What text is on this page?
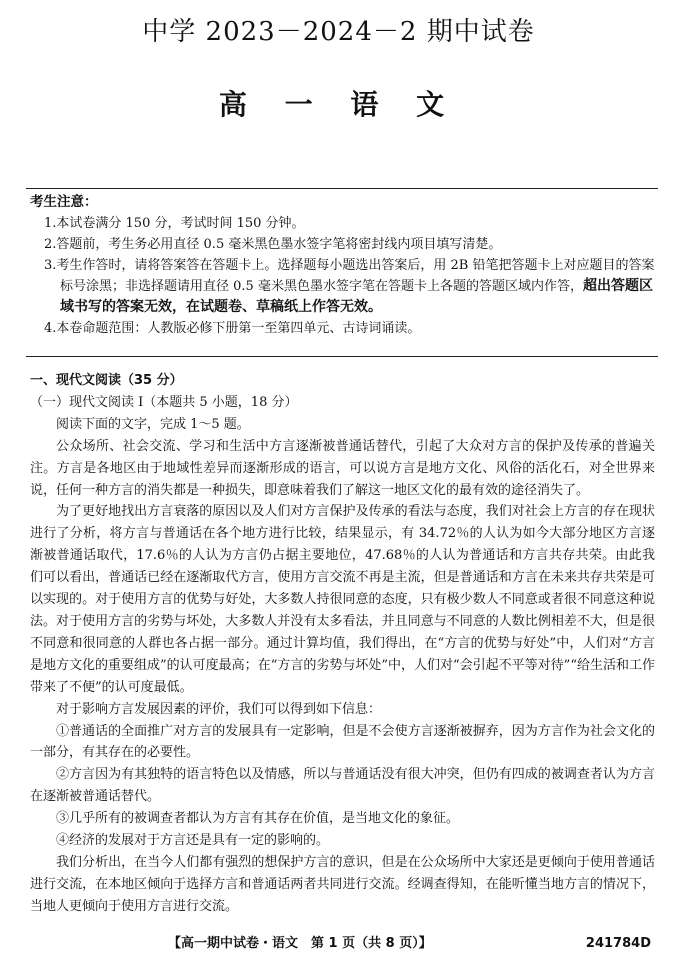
中学 2023－2024－2 期中试卷
高 一 语 文
考生注意：
1.本试卷满分 150 分，考试时间 150 分钟。
2.答题前，考生务必用直径 0.5 毫米黑色墨水签字笔将密封线内项目填写清楚。
3.考生作答时，请将答案答在答题卡上。选择题每小题选出答案后，用 2B 铅笔把答题卡上对应题目的答案标号涂黑；非选择题请用直径 0.5 毫米黑色墨水签字笔在答题卡上各题的答题区域内作答，超出答题区域书写的答案无效，在试题卷、草稿纸上作答无效。
4.本卷命题范围：人教版必修下册第一至第四单元、古诗词诵读。
一、现代文阅读（35 分）
（一）现代文阅读 Ⅰ（本题共 5 小题，18 分）
阅读下面的文字，完成 1～5 题。

公众场所、社会交流、学习和生活中方言逐渐被普通话替代，引起了大众对方言的保护及传承的普遍关注。方言是各地区由于地域性差异而逐渐形成的语言，可以说方言是地方文化、风俗的活化石，对全世界来说，任何一种方言的消失都是一种损失，即意味着我们了解这一地区文化的最有效的途径消失了。

为了更好地找出方言衰落的原因以及人们对方言保护及传承的看法与态度，我们对社会上方言的存在现状进行了分析，将方言与普通话在各个地方进行比较，结果显示，有 34.72％的人认为如今大部分地区方言逐渐被普通话取代，17.6％的人认为方言仍占据主要地位，47.68％的人认为普通话和方言共存共荣。由此我们可以看出，普通话已经在逐渐取代方言，使用方言交流不再是主流，但是普通话和方言在未来共存共荣是可以实现的。对于使用方言的优势与好处，大多数人持很同意的态度，只有极少数人不同意或者很不同意这种说法。对于使用方言的劣势与坏处，大多数人并没有太多看法，并且同意与不同意的人数比例相差不大，但是很不同意和很同意的人群也各占据一部分。通过计算均值，我们得出，在“方言的优势与好处”中，人们对“方言是地方文化的重要组成”的认可度最高；在“方言的劣势与坏处”中，人们对“会引起不平等对待”“给生活和工作带来了不便”的认可度最低。

对于影响方言发展因素的评价，我们可以得到如下信息：

①普通话的全面推广对方言的发展具有一定影响，但是不会使方言逐渐被摒弃，因为方言作为社会文化的一部分，有其存在的必要性。

②方言因为有其独特的语言特色以及情感，所以与普通话没有很大冲突，但仍有四成的被调查者认为方言在逐渐被普通话替代。

③几乎所有的被调查者都认为方言有其存在价值，是当地文化的象征。

④经济的发展对于方言还是具有一定的影响的。

我们分析出，在当今人们都有强烈的想保护方言的意识，但是在公众场所中大家还是更倾向于使用普通话进行交流，在本地区倾向于选择方言和普通话两者共同进行交流。经调查得知，在能听懂当地方言的情况下，当地人更倾向于使用方言进行交流。

【高一期中试卷・语文　第 1 页（共 8 页）】	241784D
